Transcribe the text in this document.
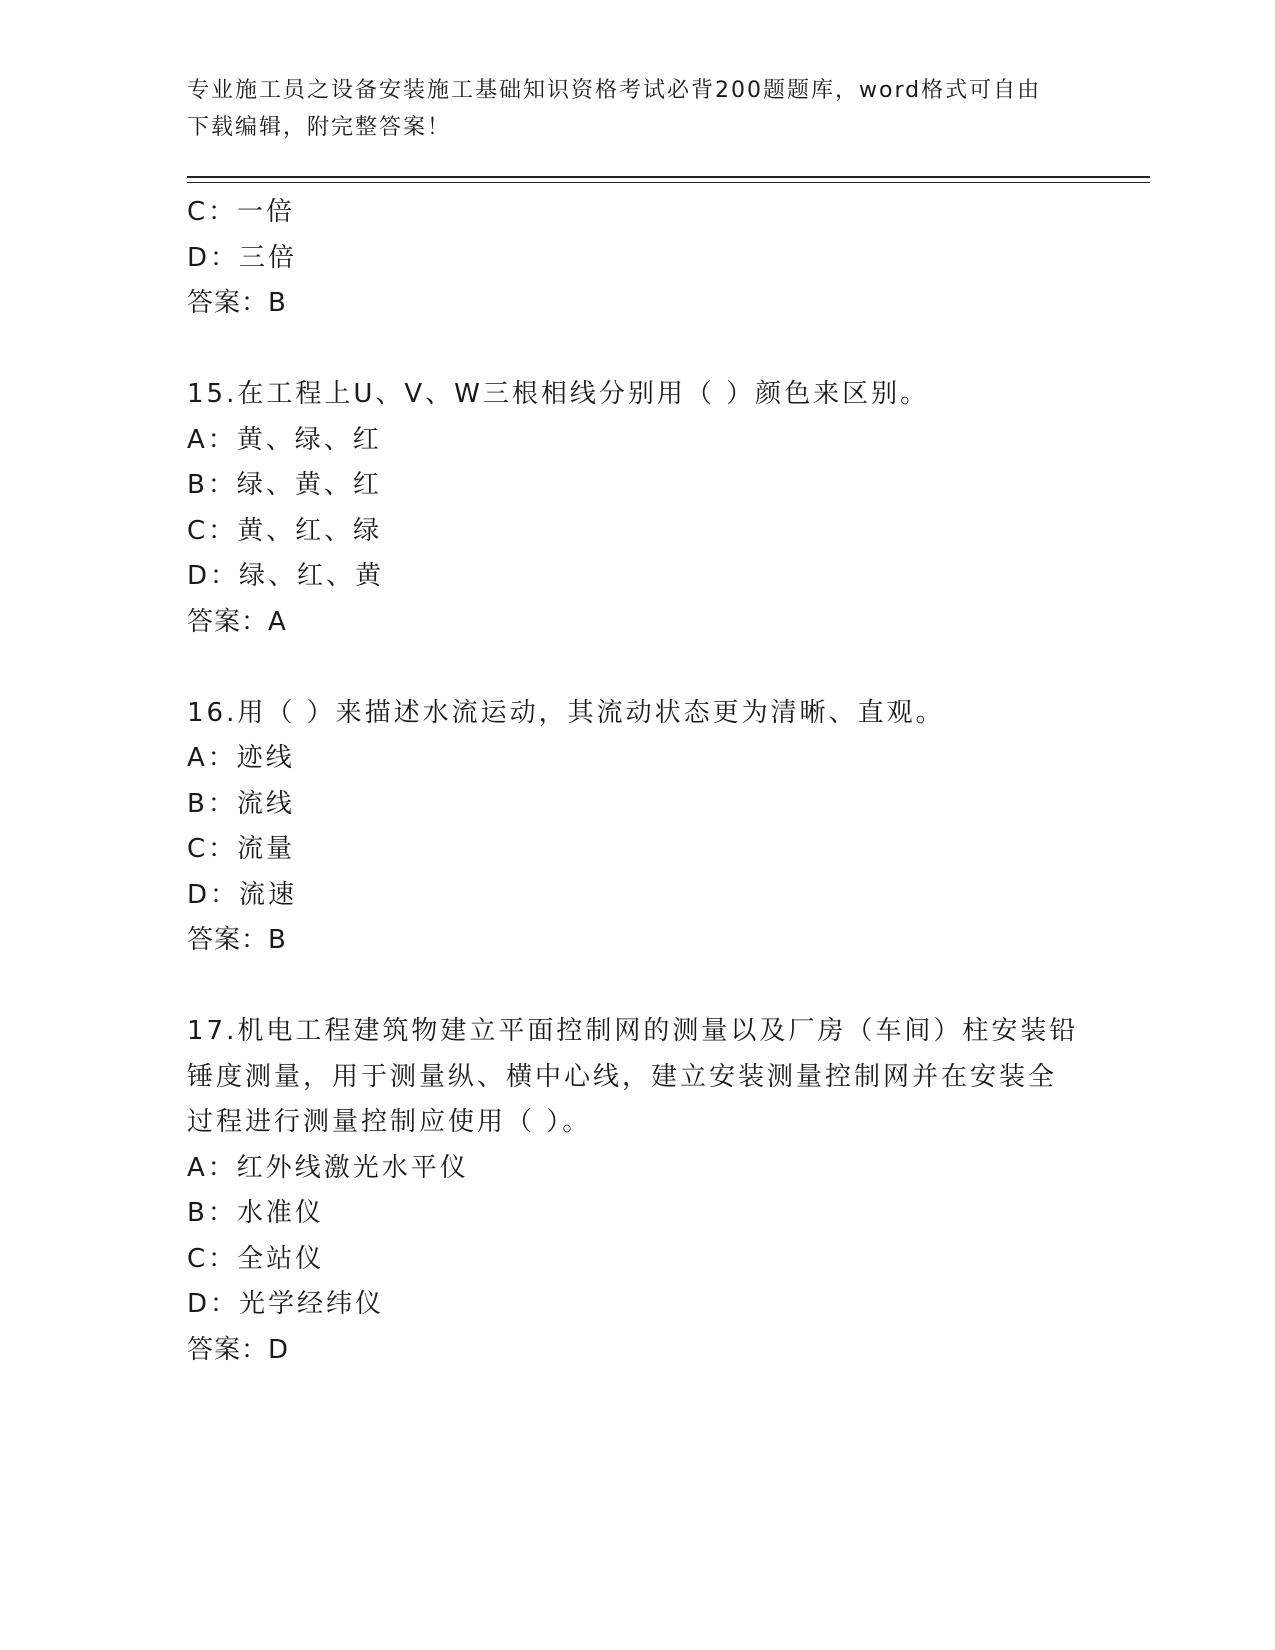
专业施工员之设备安装施工基础知识资格考试必背200题题库，word格式可自由
下载编辑，附完整答案！
C：一倍
D：三倍
答案：B
15.在工程上U、V、W三根相线分别用（ ）颜色来区别。
A：黄、绿、红
B：绿、黄、红
C：黄、红、绿
D：绿、红、黄
答案：A
16.用（ ）来描述水流运动，其流动状态更为清晰、直观。
A：迹线
B：流线
C：流量
D：流速
答案：B
17.机电工程建筑物建立平面控制网的测量以及厂房（车间）柱安装铅
锤度测量，用于测量纵、横中心线，建立安装测量控制网并在安装全
过程进行测量控制应使用（ ）。
A：红外线激光水平仪
B：水准仪
C：全站仪
D：光学经纬仪
答案：D
